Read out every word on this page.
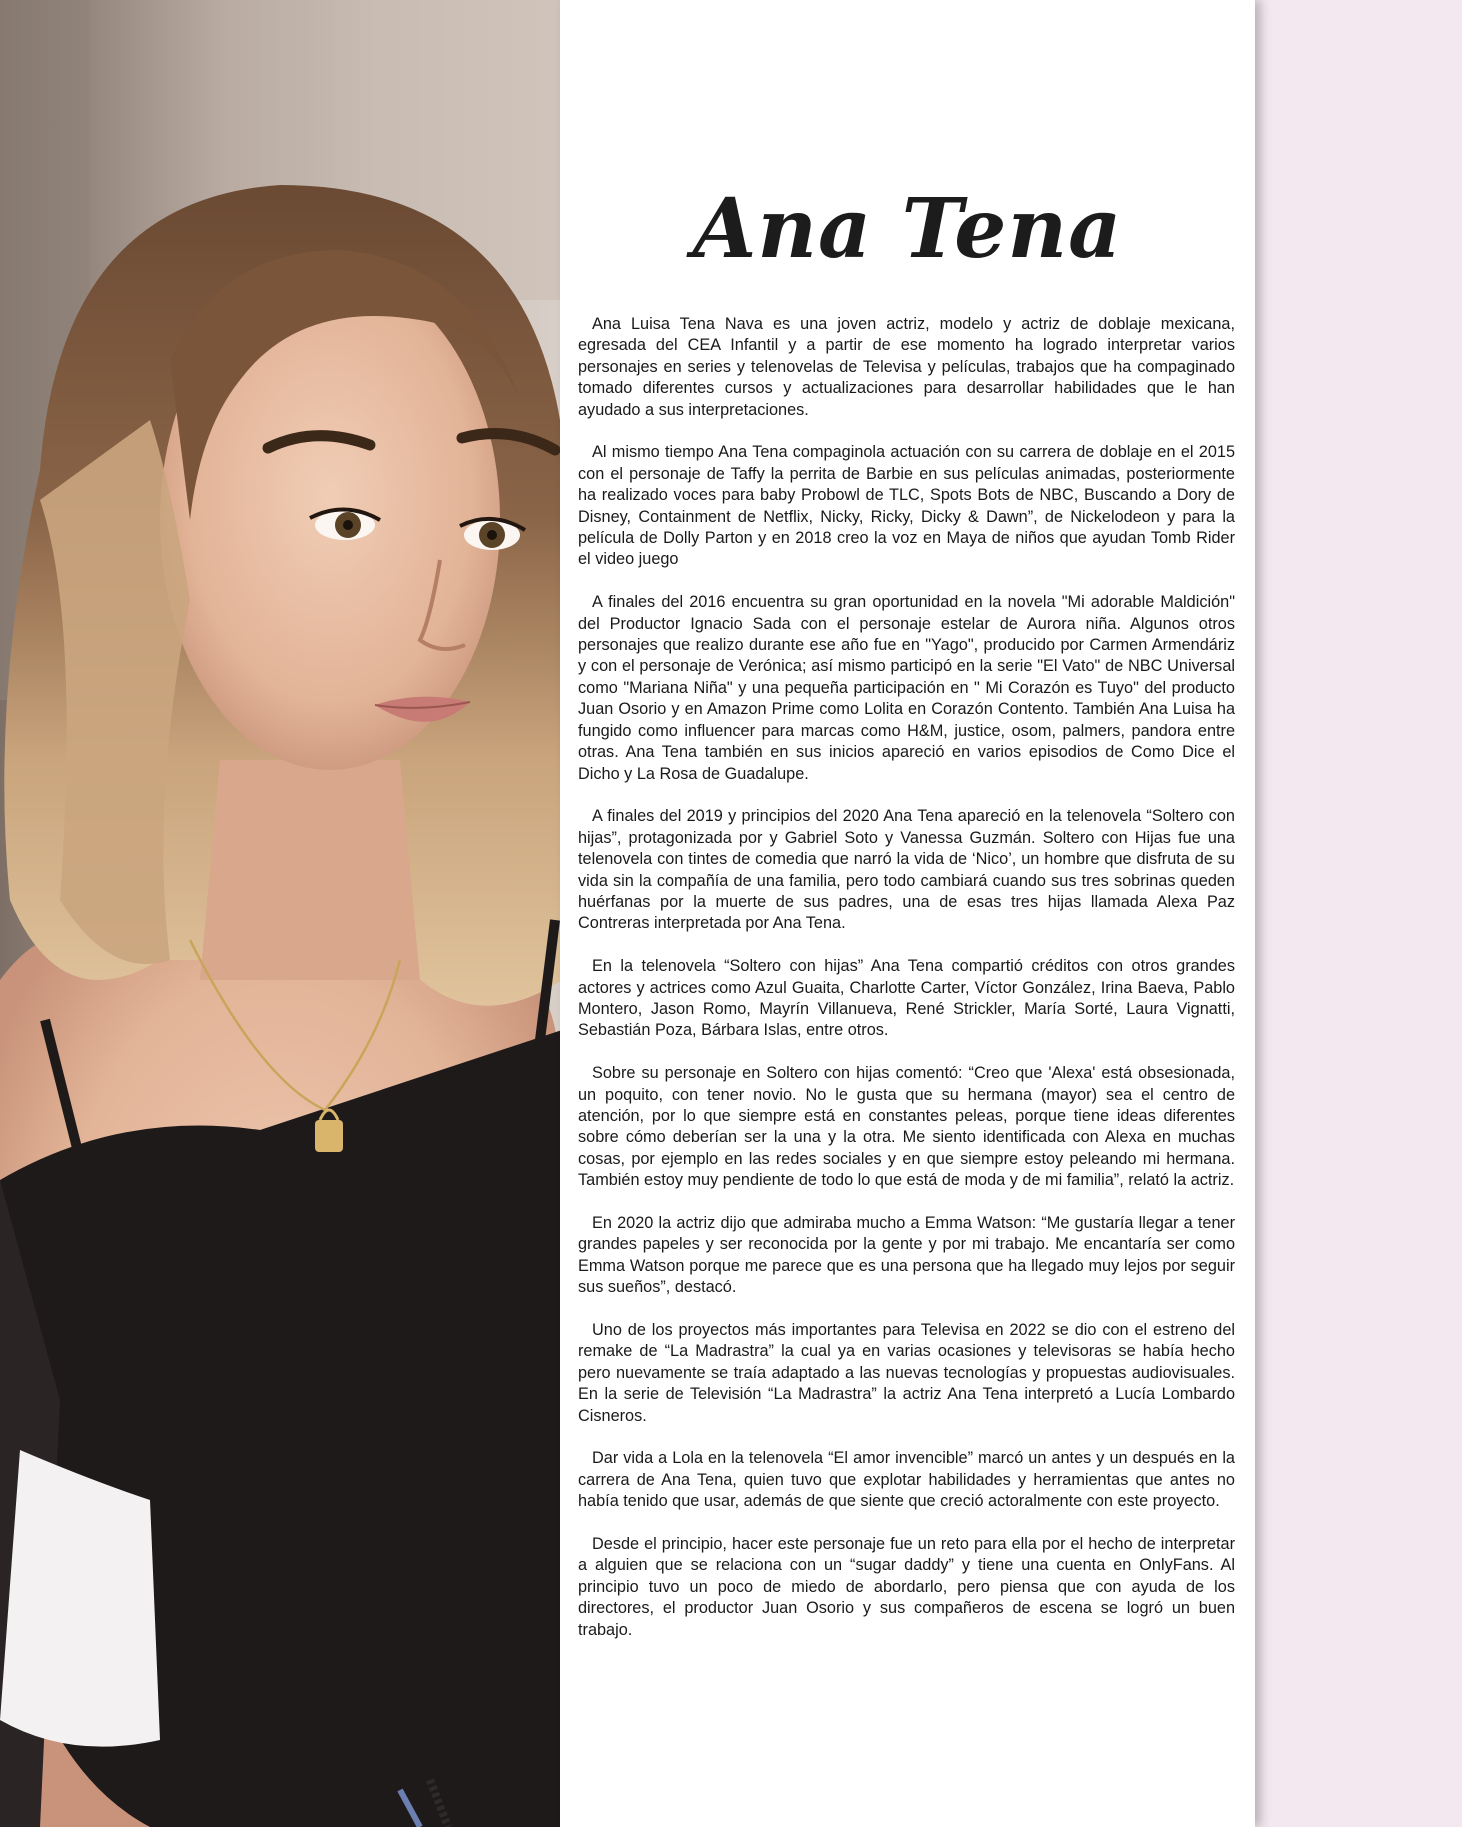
Ana Tena

Ana Luisa Tena Nava es una joven actriz, modelo y actriz de doblaje mexicana, egresada del CEA Infantil y a partir de ese momento ha logrado interpretar varios personajes en series y telenovelas de Televisa y películas, trabajos que ha compaginado tomado diferentes cursos y actualizaciones para desarrollar habilidades que le han ayudado a sus interpretaciones.

Al mismo tiempo Ana Tena compaginola actuación con su carrera de doblaje en el 2015 con el personaje de Taffy la perrita de Barbie en sus películas animadas, posteriormente ha realizado voces para baby Probowl de TLC, Spots Bots de NBC, Buscando a Dory de Disney, Containment de Netflix, Nicky, Ricky, Dicky & Dawn”, de Nickelodeon y para la película de Dolly Parton y en 2018 creo la voz en Maya de niños que ayudan Tomb Rider el video juego

A finales del 2016 encuentra su gran oportunidad en la novela "Mi adorable Maldición" del Productor Ignacio Sada con el personaje estelar de Aurora niña. Algunos otros personajes que realizo durante ese año fue en "Yago", producido por Carmen Armendáriz y con el personaje de Verónica; así mismo participó en la serie "El Vato" de NBC Universal como "Mariana Niña" y una pequeña participación en " Mi Corazón es Tuyo" del producto Juan Osorio y en Amazon Prime como Lolita en Corazón Contento. También Ana Luisa ha fungido como influencer para marcas como H&M, justice, osom, palmers, pandora entre otras. Ana Tena también en sus inicios apareció en varios episodios de Como Dice el Dicho y La Rosa de Guadalupe.

A finales del 2019 y principios del 2020 Ana Tena apareció en la telenovela “Soltero con hijas”, protagonizada por y Gabriel Soto y Vanessa Guzmán. Soltero con Hijas fue una telenovela con tintes de comedia que narró la vida de ‘Nico’, un hombre que disfruta de su vida sin la compañía de una familia, pero todo cambiará cuando sus tres sobrinas queden huérfanas por la muerte de sus padres, una de esas tres hijas llamada Alexa Paz Contreras interpretada por Ana Tena.

En la telenovela “Soltero con hijas” Ana Tena compartió créditos con otros grandes actores y actrices como Azul Guaita, Charlotte Carter, Víctor González, Irina Baeva, Pablo Montero, Jason Romo, Mayrín Villanueva, René Strickler, María Sorté, Laura Vignatti, Sebastián Poza, Bárbara Islas, entre otros.

Sobre su personaje en Soltero con hijas comentó: “Creo que 'Alexa' está obsesionada, un poquito, con tener novio. No le gusta que su hermana (mayor) sea el centro de atención, por lo que siempre está en constantes peleas, porque tiene ideas diferentes sobre cómo deberían ser la una y la otra. Me siento identificada con Alexa en muchas cosas, por ejemplo en las redes sociales y en que siempre estoy peleando mi hermana. También estoy muy pendiente de todo lo que está de moda y de mi familia”, relató la actriz.

En 2020 la actriz dijo que admiraba mucho a Emma Watson: “Me gustaría llegar a tener grandes papeles y ser reconocida por la gente y por mi trabajo. Me encantaría ser como Emma Watson porque me parece que es una persona que ha llegado muy lejos por seguir sus sueños”, destacó.

Uno de los proyectos más importantes para Televisa en 2022 se dio con el estreno del remake de “La Madrastra” la cual ya en varias ocasiones y televisoras se había hecho pero nuevamente se traía adaptado a las nuevas tecnologías y propuestas audiovisuales. En la serie de Televisión “La Madrastra” la actriz Ana Tena interpretó a Lucía Lombardo Cisneros.

Dar vida a Lola en la telenovela “El amor invencible” marcó un antes y un después en la carrera de Ana Tena, quien tuvo que explotar habilidades y herramientas que antes no había tenido que usar, además de que siente que creció actoralmente con este proyecto.

Desde el principio, hacer este personaje fue un reto para ella por el hecho de interpretar a alguien que se relaciona con un “sugar daddy” y tiene una cuenta en OnlyFans. Al principio tuvo un poco de miedo de abordarlo, pero piensa que con ayuda de los directores, el productor Juan Osorio y sus compañeros de escena se logró un buen trabajo.
